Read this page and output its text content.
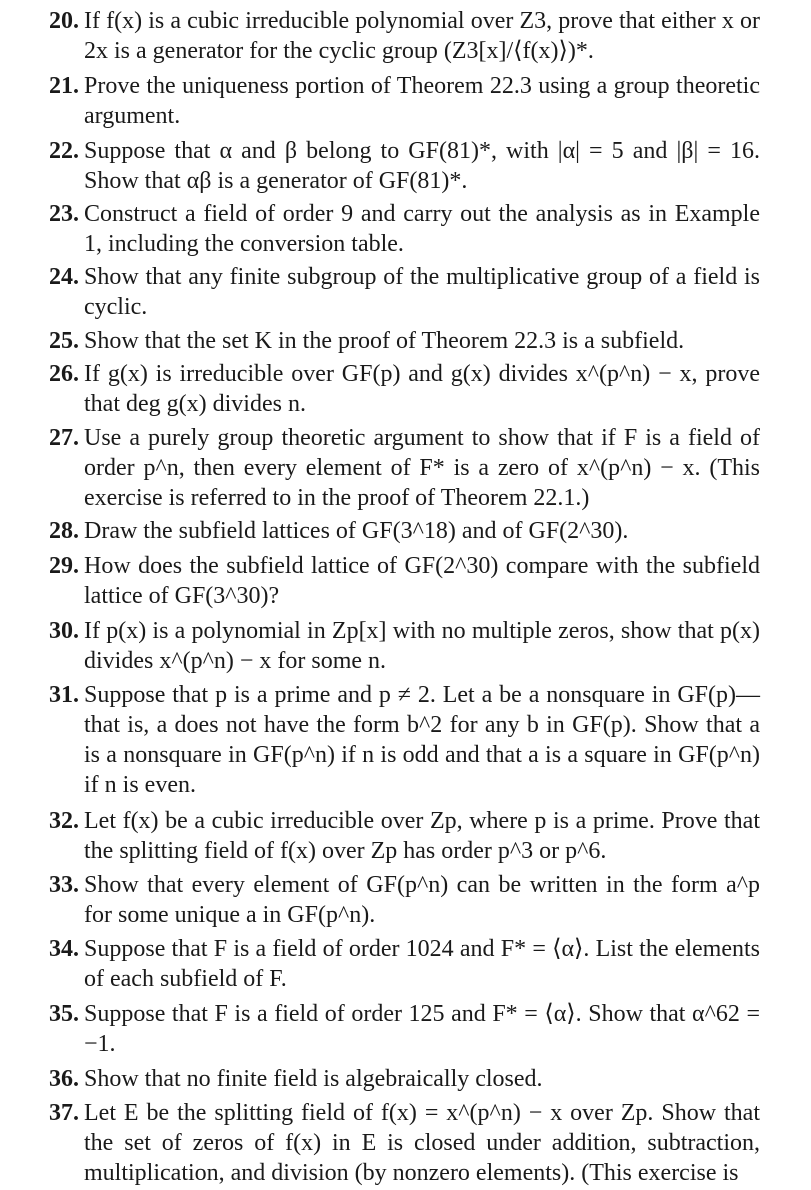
20. If f(x) is a cubic irreducible polynomial over Z3, prove that either x or 2x is a generator for the cyclic group (Z3[x]/⟨f(x)⟩)*.
21. Prove the uniqueness portion of Theorem 22.3 using a group theoretic argument.
22. Suppose that α and β belong to GF(81)*, with |α| = 5 and |β| = 16. Show that αβ is a generator of GF(81)*.
23. Construct a field of order 9 and carry out the analysis as in Example 1, including the conversion table.
24. Show that any finite subgroup of the multiplicative group of a field is cyclic.
25. Show that the set K in the proof of Theorem 22.3 is a subfield.
26. If g(x) is irreducible over GF(p) and g(x) divides x^(p^n) − x, prove that deg g(x) divides n.
27. Use a purely group theoretic argument to show that if F is a field of order p^n, then every element of F* is a zero of x^(p^n) − x. (This exercise is referred to in the proof of Theorem 22.1.)
28. Draw the subfield lattices of GF(3^18) and of GF(2^30).
29. How does the subfield lattice of GF(2^30) compare with the subfield lattice of GF(3^30)?
30. If p(x) is a polynomial in Zp[x] with no multiple zeros, show that p(x) divides x^(p^n) − x for some n.
31. Suppose that p is a prime and p ≠ 2. Let a be a nonsquare in GF(p)—that is, a does not have the form b^2 for any b in GF(p). Show that a is a nonsquare in GF(p^n) if n is odd and that a is a square in GF(p^n) if n is even.
32. Let f(x) be a cubic irreducible over Zp, where p is a prime. Prove that the splitting field of f(x) over Zp has order p^3 or p^6.
33. Show that every element of GF(p^n) can be written in the form a^p for some unique a in GF(p^n).
34. Suppose that F is a field of order 1024 and F* = ⟨α⟩. List the elements of each subfield of F.
35. Suppose that F is a field of order 125 and F* = ⟨α⟩. Show that α^62 = −1.
36. Show that no finite field is algebraically closed.
37. Let E be the splitting field of f(x) = x^(p^n) − x over Zp. Show that the set of zeros of f(x) in E is closed under addition, subtraction, multiplication, and division (by nonzero elements). (This exercise is
